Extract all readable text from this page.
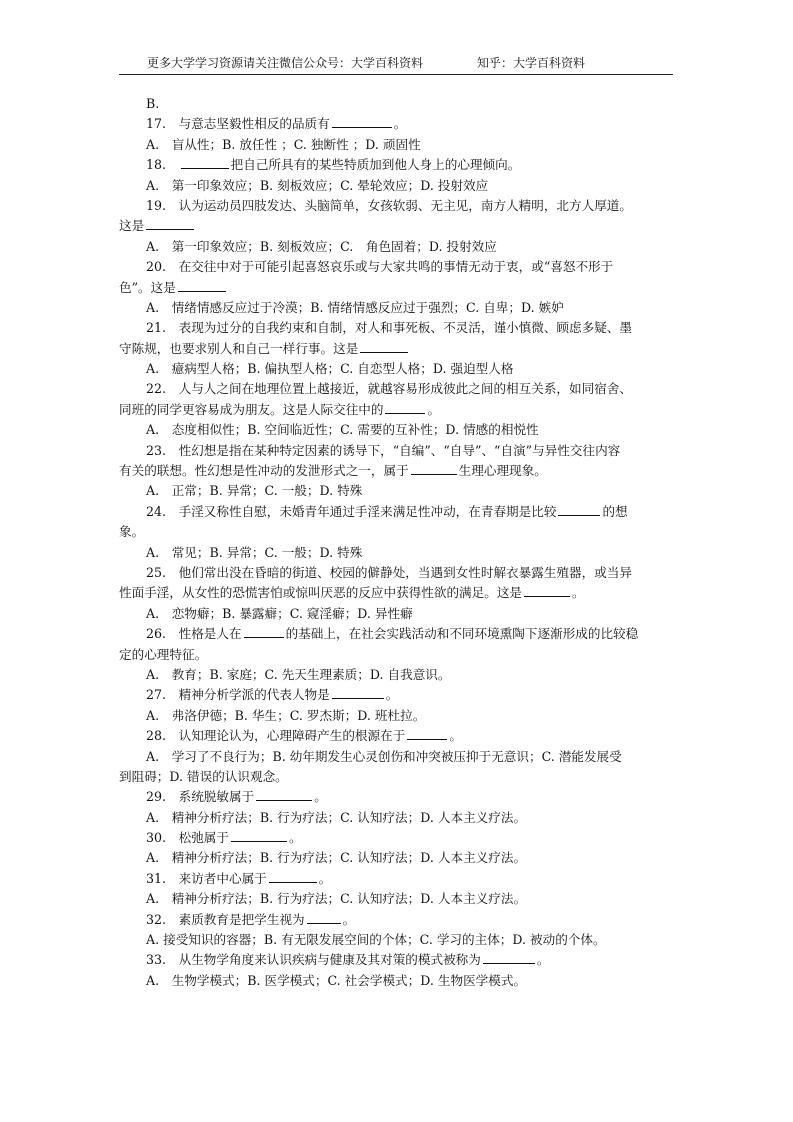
更多大学学习资源请关注微信公众号：大学百科资料	知乎：大学百科资料
B.
17.　与意志坚毅性相反的品质有	。
A.　盲从性；B. 放任性 ；C. 独断性 ；D. 顽固性
18.　	把自己所具有的某些特质加到他人身上的心理倾向。
A.　第一印象效应；B. 刻板效应；C. 晕轮效应；D. 投射效应
19.　认为运动员四肢发达、头脑简单，女孩软弱、无主见，南方人精明，北方人厚道。
这是
A.　第一印象效应；B. 刻板效应；C.　角色固着；D. 投射效应
20.　在交往中对于可能引起喜怒哀乐或与大家共鸣的事情无动于衷，或“喜怒不形于
色”。这是
A.　情绪情感反应过于冷漠；B. 情绪情感反应过于强烈；C. 自卑；D. 嫉妒
21.　表现为过分的自我约束和自制，对人和事死板、不灵活，谨小慎微、顾虑多疑、墨
守陈规，也要求别人和自己一样行事。这是
A.　癔病型人格；B. 偏执型人格；C. 自恋型人格；D. 强迫型人格
22.　人与人之间在地理位置上越接近，就越容易形成彼此之间的相互关系，如同宿舍、
同班的同学更容易成为朋友。这是人际交往中的	。
A.　态度相似性；B. 空间临近性；C. 需要的互补性；D. 情感的相悦性
23.　性幻想是指在某种特定因素的诱导下，“自编”、“自导”、“自演”与异性交往内容
有关的联想。性幻想是性冲动的发泄形式之一，属于	生理心理现象。
A.　正常；B. 异常；C. 一般；D. 特殊
24.　手淫又称性自慰，未婚青年通过手淫来满足性冲动，在青春期是比较	的想
象。
A.　常见；B. 异常；C. 一般；D. 特殊
25.　他们常出没在昏暗的街道、校园的僻静处，当遇到女性时解衣暴露生殖器，或当异
性面手淫，从女性的恐慌害怕或惊叫厌恶的反应中获得性欲的满足。这是	。
A.　恋物癖；B. 暴露癖；C. 窥淫癖；D. 异性癖
26.　性格是人在	的基础上，在社会实践活动和不同环境熏陶下逐渐形成的比较稳
定的心理特征。
A.　教育；B. 家庭；C. 先天生理素质；D. 自我意识。
27.　精神分析学派的代表人物是	。
A.　弗洛伊德；B. 华生；C. 罗杰斯；D. 班杜拉。
28.　认知理论认为，心理障碍产生的根源在于	。
A.　学习了不良行为；B. 幼年期发生心灵创伤和冲突被压抑于无意识；C. 潜能发展受
到阻碍；D. 错误的认识观念。
29.　系统脱敏属于	。
A.　精神分析疗法；B. 行为疗法；C. 认知疗法；D. 人本主义疗法。
30.　松弛属于	。
A.　精神分析疗法；B. 行为疗法；C. 认知疗法；D. 人本主义疗法。
31.　来访者中心属于	。
A.　精神分析疗法；B. 行为疗法；C. 认知疗法；D. 人本主义疗法。
32.　素质教育是把学生视为	。
A. 接受知识的容器；B. 有无限发展空间的个体；C. 学习的主体；D. 被动的个体。
33.　从生物学角度来认识疾病与健康及其对策的模式被称为	。
A.　生物学模式；B. 医学模式；C. 社会学模式；D. 生物医学模式。
